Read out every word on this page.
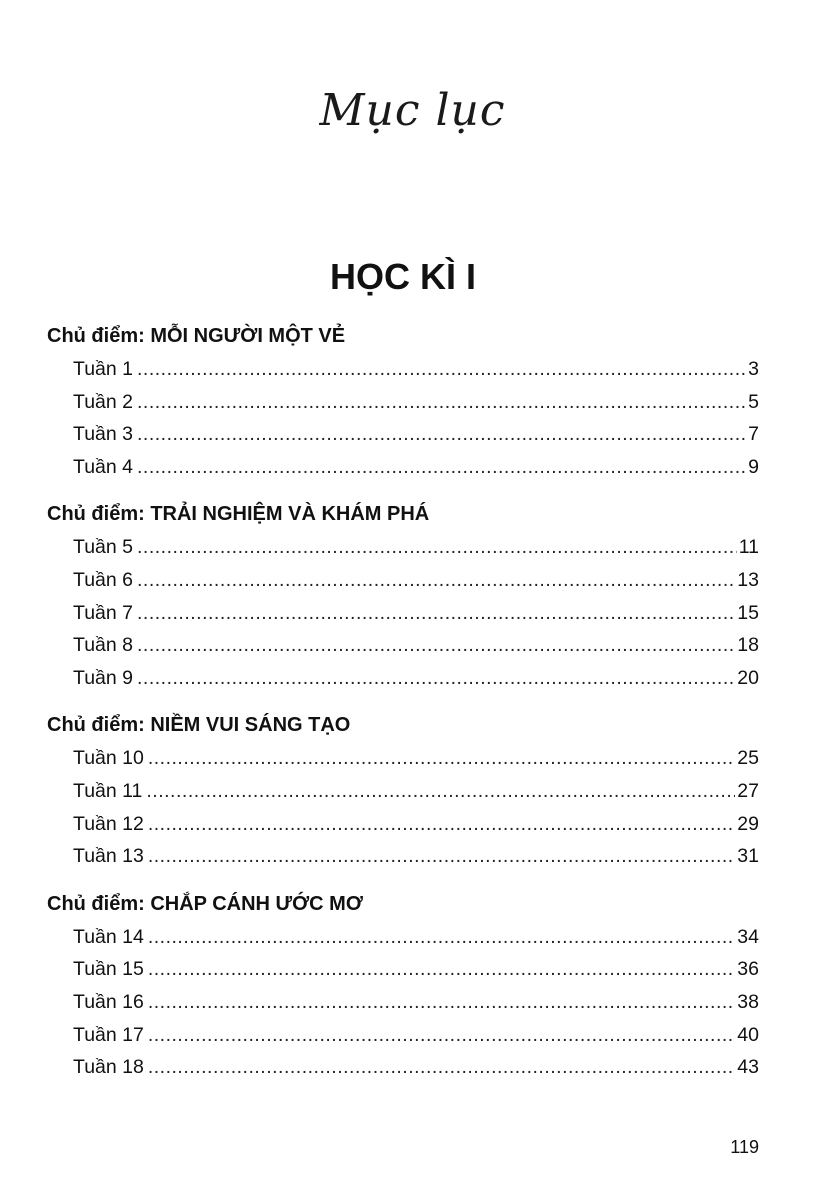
Mục lục
HỌC KÌ I
Chủ điểm: MỖI NGƯỜI MỘT VẺ
Tuần 1 .....	3
Tuần 2 .....	5
Tuần 3 .....	7
Tuần 4 .....	9
Chủ điểm: TRẢI NGHIỆM VÀ KHÁM PHÁ
Tuần 5 .....	11
Tuần 6 .....	13
Tuần 7 .....	15
Tuần 8 .....	18
Tuần 9 .....	20
Chủ điểm: NIỀM VUI SÁNG TẠO
Tuần 10 .....	25
Tuần 11 .....	27
Tuần 12 .....	29
Tuần 13 .....	31
Chủ điểm: CHẮP CÁNH ƯỚC MƠ
Tuần 14 .....	34
Tuần 15 .....	36
Tuần 16 .....	38
Tuần 17 .....	40
Tuần 18 .....	43
119
